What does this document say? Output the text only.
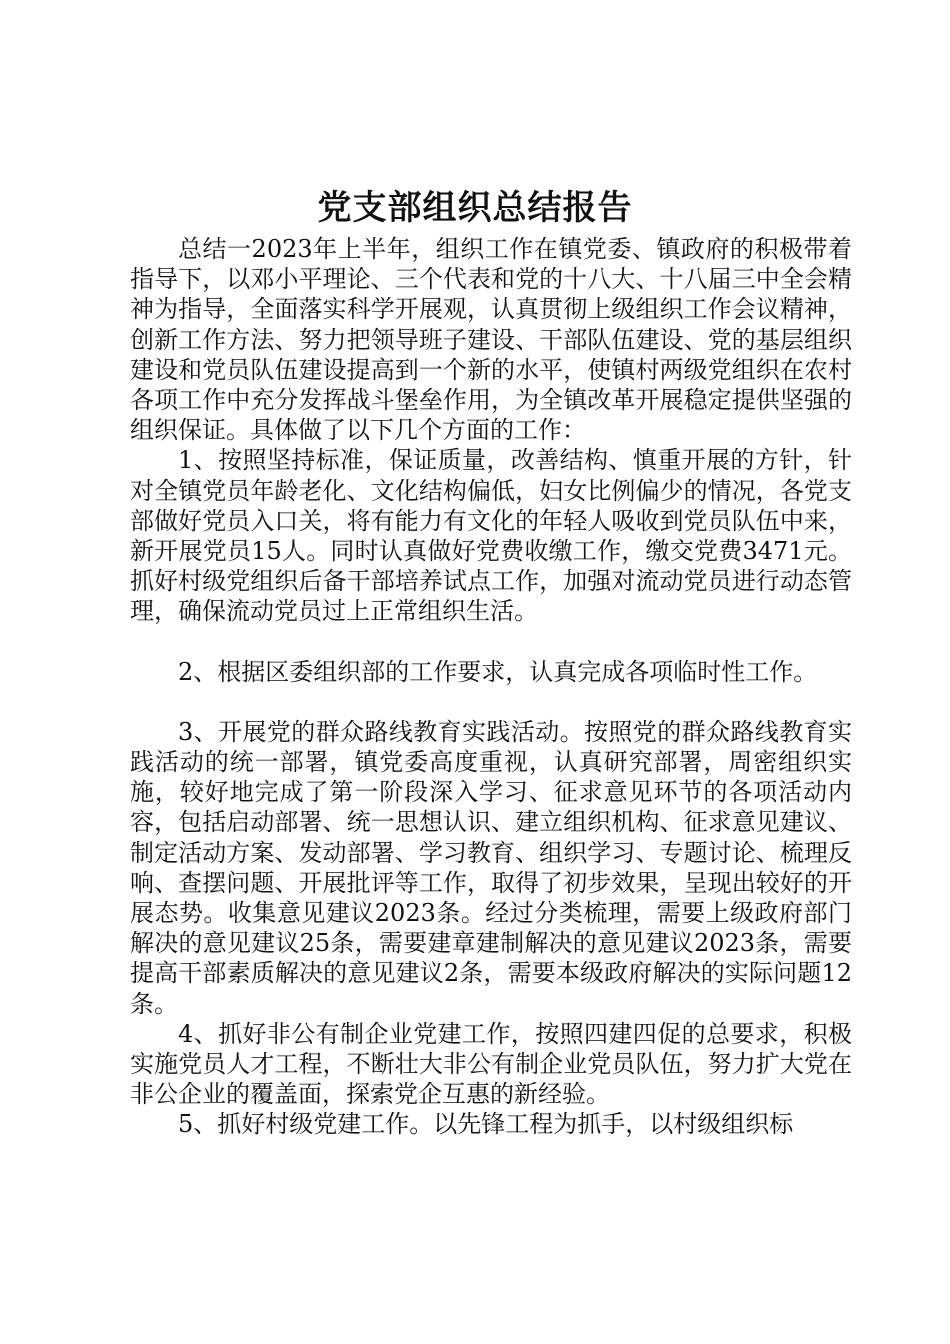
党支部组织总结报告

总结一2023年上半年，组织工作在镇党委、镇政府的积极带着指导下，以邓小平理论、三个代表和党的十八大、十八届三中全会精神为指导，全面落实科学开展观，认真贯彻上级组织工作会议精神，创新工作方法、努力把领导班子建设、干部队伍建设、党的基层组织建设和党员队伍建设提高到一个新的水平，使镇村两级党组织在农村各项工作中充分发挥战斗堡垒作用，为全镇改革开展稳定提供坚强的组织保证。具体做了以下几个方面的工作：

1、按照坚持标准，保证质量，改善结构、慎重开展的方针，针对全镇党员年龄老化、文化结构偏低，妇女比例偏少的情况，各党支部做好党员入口关，将有能力有文化的年轻人吸收到党员队伍中来，新开展党员15人。同时认真做好党费收缴工作，缴交党费3471元。抓好村级党组织后备干部培养试点工作，加强对流动党员进行动态管理，确保流动党员过上正常组织生活。

2、根据区委组织部的工作要求，认真完成各项临时性工作。

3、开展党的群众路线教育实践活动。按照党的群众路线教育实践活动的统一部署，镇党委高度重视，认真研究部署，周密组织实施，较好地完成了第一阶段深入学习、征求意见环节的各项活动内容，包括启动部署、统一思想认识、建立组织机构、征求意见建议、制定活动方案、发动部署、学习教育、组织学习、专题讨论、梳理反响、查摆问题、开展批评等工作，取得了初步效果，呈现出较好的开展态势。收集意见建议2023条。经过分类梳理，需要上级政府部门解决的意见建议25条，需要建章建制解决的意见建议2023条，需要提高干部素质解决的意见建议2条，需要本级政府解决的实际问题12条。

4、抓好非公有制企业党建工作，按照四建四促的总要求，积极实施党员人才工程，不断壮大非公有制企业党员队伍，努力扩大党在非公企业的覆盖面，探索党企互惠的新经验。

5、抓好村级党建工作。以先锋工程为抓手，以村级组织标
